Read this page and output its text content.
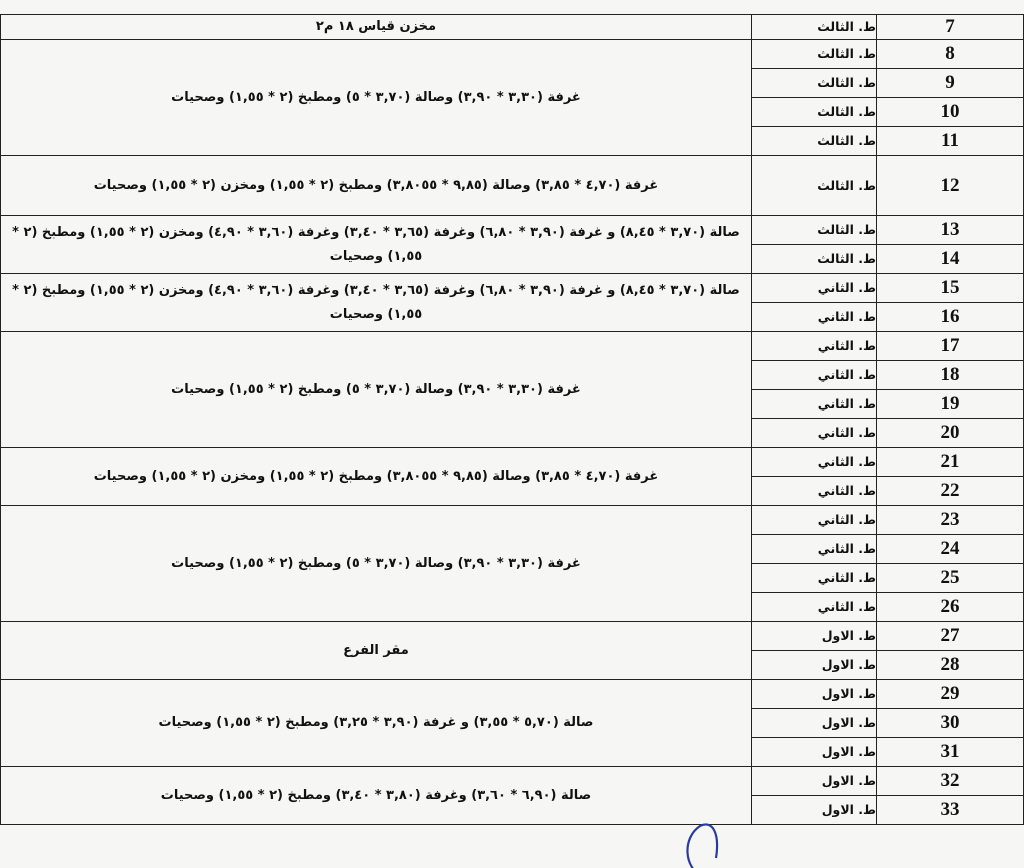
مخزن قياس ١٨ م٢	ط. الثالث	7
غرفة (٣,٣٠ * ٣,٩٠) وصالة (٣,٧٠ * ٥) ومطبخ (٢ * ١,٥٥) وصحيات	ط. الثالث	8
	ط. الثالث	9
	ط. الثالث	10
	ط. الثالث	11
غرفة (٤,٧٠ * ٣,٨٥) وصالة (٩,٨٥ * ٣,٨٠٥٥) ومطبخ (٢ * ١,٥٥) ومخزن (٢ * ١,٥٥) وصحيات	ط. الثالث	12
صالة (٣,٧٠ * ٨,٤٥) و غرفة (٣,٩٠ * ٦,٨٠) وغرفة (٣,٦٥ * ٣,٤٠) وغرفة (٣,٦٠ * ٤,٩٠) ومخزن (٢ * ١,٥٥) ومطبخ (٢ * ١,٥٥) وصحيات	ط. الثالث	13
	ط. الثالث	14
صالة (٣,٧٠ * ٨,٤٥) و غرفة (٣,٩٠ * ٦,٨٠) وغرفة (٣,٦٥ * ٣,٤٠) وغرفة (٣,٦٠ * ٤,٩٠) ومخزن (٢ * ١,٥٥) ومطبخ (٢ * ١,٥٥) وصحيات	ط. الثاني	15
	ط. الثاني	16
غرفة (٣,٣٠ * ٣,٩٠) وصالة (٣,٧٠ * ٥) ومطبخ (٢ * ١,٥٥) وصحيات	ط. الثاني	17
	ط. الثاني	18
	ط. الثاني	19
	ط. الثاني	20
غرفة (٤,٧٠ * ٣,٨٥) وصالة (٩,٨٥ * ٣,٨٠٥٥) ومطبخ (٢ * ١,٥٥) ومخزن (٢ * ١,٥٥) وصحيات	ط. الثاني	21
	ط. الثاني	22
غرفة (٣,٣٠ * ٣,٩٠) وصالة (٣,٧٠ * ٥) ومطبخ (٢ * ١,٥٥) وصحيات	ط. الثاني	23
	ط. الثاني	24
	ط. الثاني	25
	ط. الثاني	26
مقر الفرع	ط. الاول	27
	ط. الاول	28
صالة (٥,٧٠ * ٣,٥٥) و غرفة (٣,٩٠ * ٣,٢٥) ومطبخ (٢ * ١,٥٥) وصحيات	ط. الاول	29
	ط. الاول	30
	ط. الاول	31
صالة (٦,٩٠ * ٣,٦٠) وغرفة (٣,٨٠ * ٣,٤٠) ومطبخ (٢ * ١,٥٥) وصحيات	ط. الاول	32
	ط. الاول	33
